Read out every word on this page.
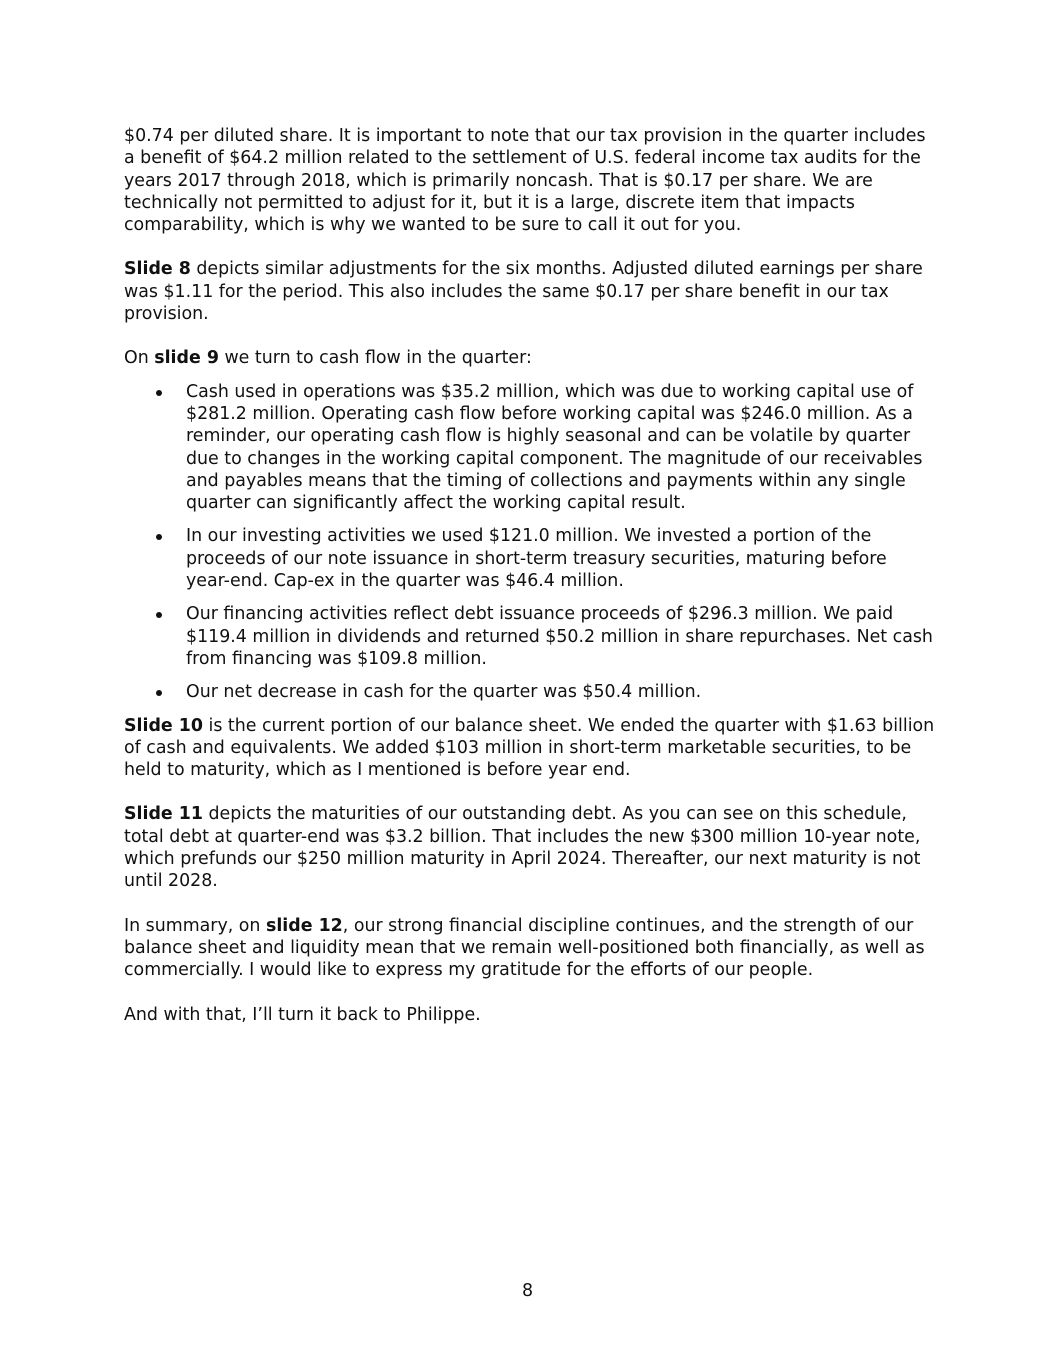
$0.74 per diluted share. It is important to note that our tax provision in the quarter includes a benefit of $64.2 million related to the settlement of U.S. federal income tax audits for the years 2017 through 2018, which is primarily noncash. That is $0.17 per share. We are technically not permitted to adjust for it, but it is a large, discrete item that impacts comparability, which is why we wanted to be sure to call it out for you.

Slide 8 depicts similar adjustments for the six months. Adjusted diluted earnings per share was $1.11 for the period. This also includes the same $0.17 per share benefit in our tax provision.

On slide 9 we turn to cash flow in the quarter:

Cash used in operations was $35.2 million, which was due to working capital use of $281.2 million. Operating cash flow before working capital was $246.0 million. As a reminder, our operating cash flow is highly seasonal and can be volatile by quarter due to changes in the working capital component. The magnitude of our receivables and payables means that the timing of collections and payments within any single quarter can significantly affect the working capital result.
In our investing activities we used $121.0 million. We invested a portion of the proceeds of our note issuance in short-term treasury securities, maturing before year-end. Cap-ex in the quarter was $46.4 million.
Our financing activities reflect debt issuance proceeds of $296.3 million. We paid $119.4 million in dividends and returned $50.2 million in share repurchases. Net cash from financing was $109.8 million.
Our net decrease in cash for the quarter was $50.4 million.

Slide 10 is the current portion of our balance sheet. We ended the quarter with $1.63 billion of cash and equivalents. We added $103 million in short-term marketable securities, to be held to maturity, which as I mentioned is before year end.

Slide 11 depicts the maturities of our outstanding debt. As you can see on this schedule, total debt at quarter-end was $3.2 billion. That includes the new $300 million 10-year note, which prefunds our $250 million maturity in April 2024. Thereafter, our next maturity is not until 2028.

In summary, on slide 12, our strong financial discipline continues, and the strength of our balance sheet and liquidity mean that we remain well-positioned both financially, as well as commercially. I would like to express my gratitude for the efforts of our people.

And with that, I’ll turn it back to Philippe.

8
